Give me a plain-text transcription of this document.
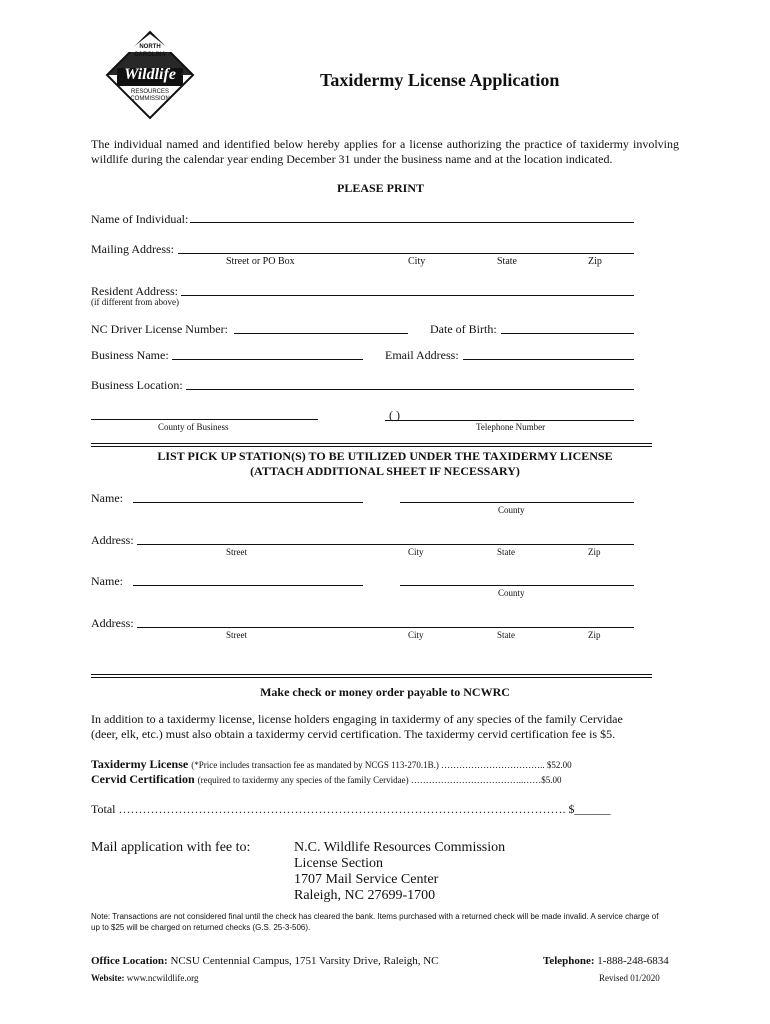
NORTH
CAROLINA
Wildlife
RESOURCES
COMMISSION
Taxidermy License Application
The individual named and identified below hereby applies for a license authorizing the practice of taxidermy involving wildlife during the calendar year ending December 31 under the business name and at the location indicated.
PLEASE PRINT
Name of Individual:
Mailing Address:
Street or PO Box	City	State	Zip
Resident Address:
(if different from above)
NC Driver License Number:	Date of Birth:
Business Name:	Email Address:
Business Location:
County of Business
( )
Telephone Number
LIST PICK UP STATION(S) TO BE UTILIZED UNDER THE TAXIDERMY LICENSE
(ATTACH ADDITIONAL SHEET IF NECESSARY)
Name:
County
Address:
Street	City	State	Zip
Name:
County
Address:
Street	City	State	Zip
Make check or money order payable to NCWRC
In addition to a taxidermy license, license holders engaging in taxidermy of any species of the family Cervidae (deer, elk, etc.) must also obtain a taxidermy cervid certification. The taxidermy cervid certification fee is $5.
Taxidermy License (*Price includes transaction fee as mandated by NCGS 113-270.1B.) …………………………….. $52.00
Cervid Certification (required to taxidermy any species of the family Cervidae) ………………………………..……$5.00
Total …………………………………………………………………………………………………. $______
Mail application with fee to:	N.C. Wildlife Resources Commission
License Section
1707 Mail Service Center
Raleigh, NC 27699-1700
Note: Transactions are not considered final until the check has cleared the bank. Items purchased with a returned check will be made invalid. A service charge of up to $25 will be charged on returned checks (G.S. 25-3-506).
Office Location: NCSU Centennial Campus, 1751 Varsity Drive, Raleigh, NC	Telephone: 1-888-248-6834
Website: www.ncwildlife.org	Revised 01/2020
